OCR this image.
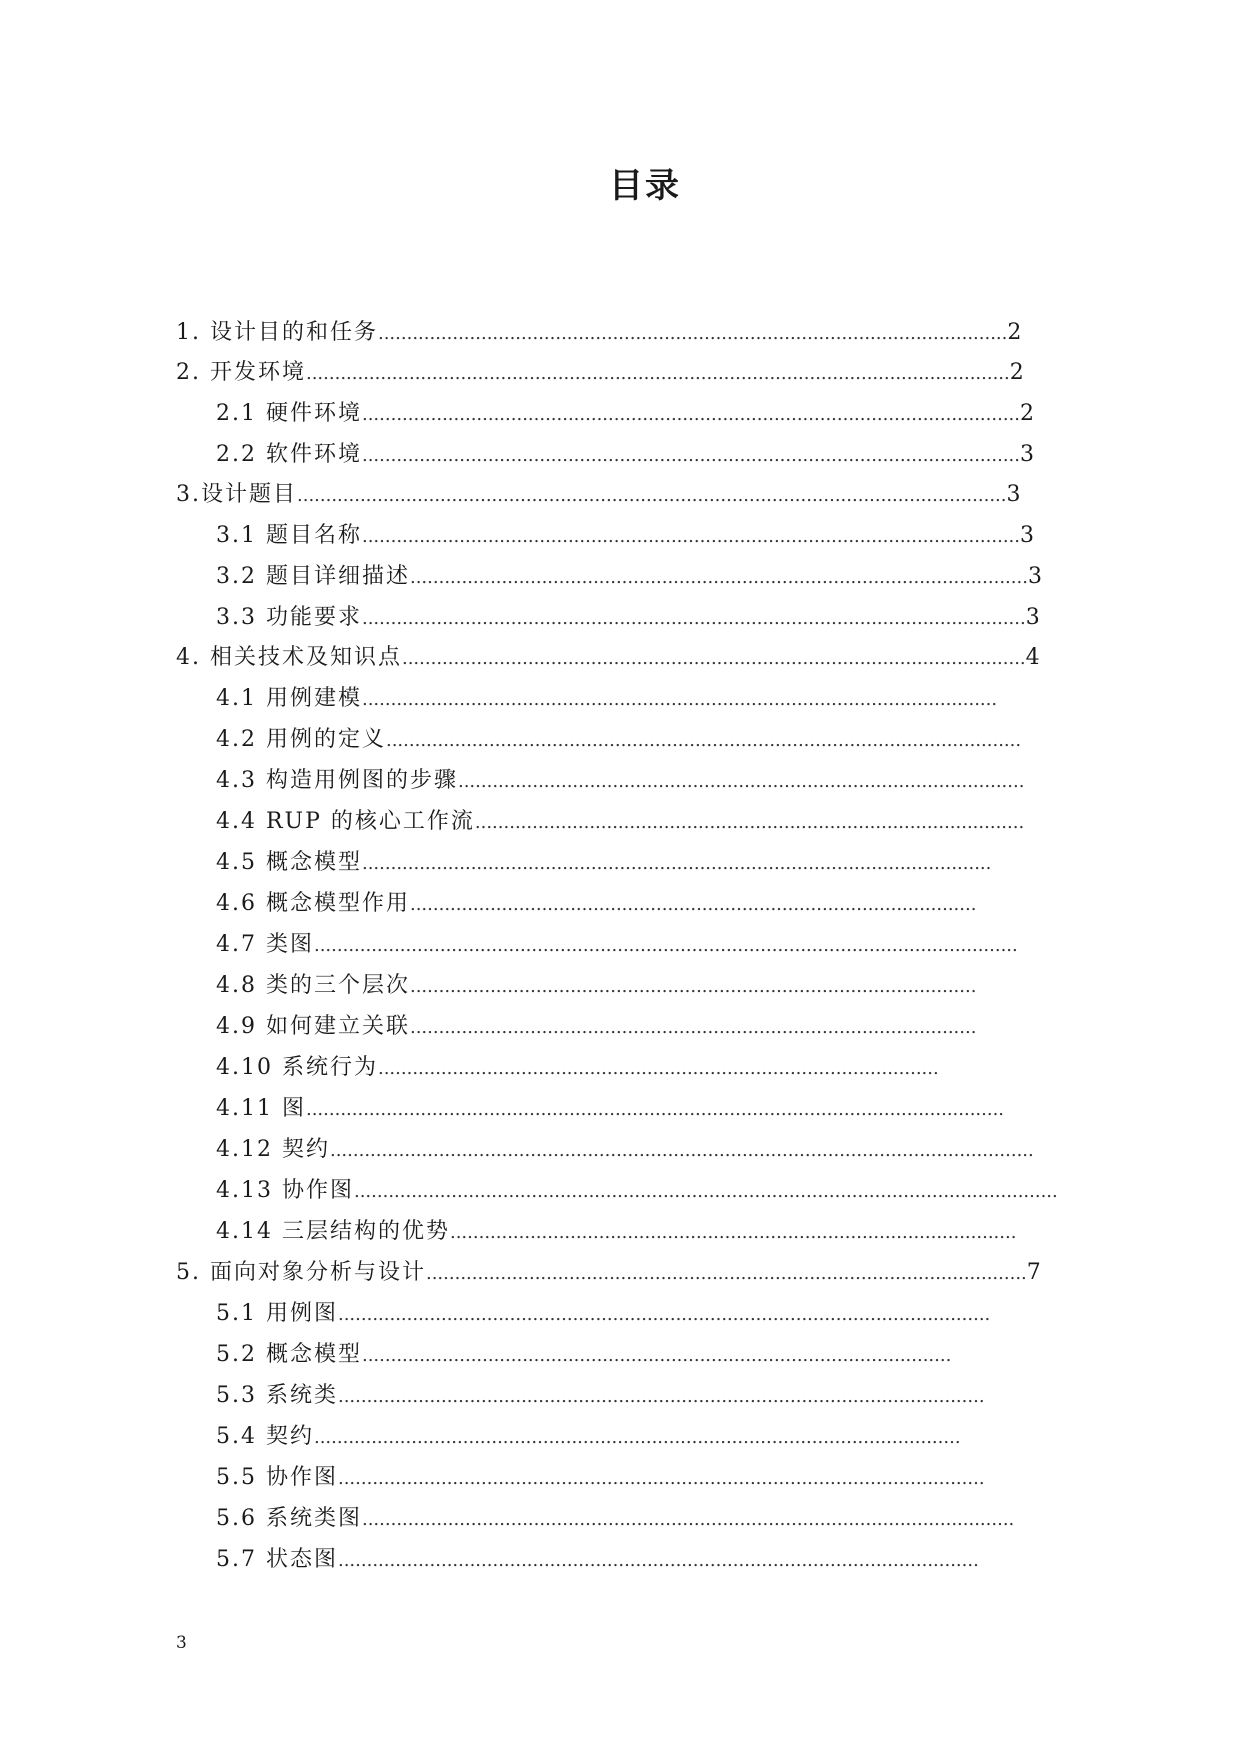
目录
1. 设计目的和任务..............................................................................................................2
2. 开发环境...........................................................................................................................2
2.1 硬件环境...................................................................................................................2
2.2 软件环境...................................................................................................................3
3.设计题目............................................................................................................................3
3.1 题目名称...................................................................................................................3
3.2 题目详细描述............................................................................................................3
3.3 功能要求....................................................................................................................3
4. 相关技术及知识点.............................................................................................................4
4.1 用例建模...............................................................................................................
4.2 用例的定义...............................................................................................................
4.3 构造用例图的步骤...................................................................................................
4.4 RUP 的核心工作流................................................................................................
4.5 概念模型..............................................................................................................
4.6 概念模型作用...................................................................................................
4.7 类图...........................................................................................................................
4.8 类的三个层次...................................................................................................
4.9 如何建立关联...................................................................................................
4.10 系统行为..................................................................................................
4.11 图..........................................................................................................................
4.12 契约...........................................................................................................................
4.13 协作图...........................................................................................................................
4.14 三层结构的优势...................................................................................................
5. 面向对象分析与设计.........................................................................................................7
5.1 用例图..................................................................................................................
5.2 概念模型.......................................................................................................
5.3 系统类.................................................................................................................
5.4 契约.................................................................................................................
5.5 协作图.................................................................................................................
5.6 系统类图..................................................................................................................
5.7 状态图................................................................................................................
3
